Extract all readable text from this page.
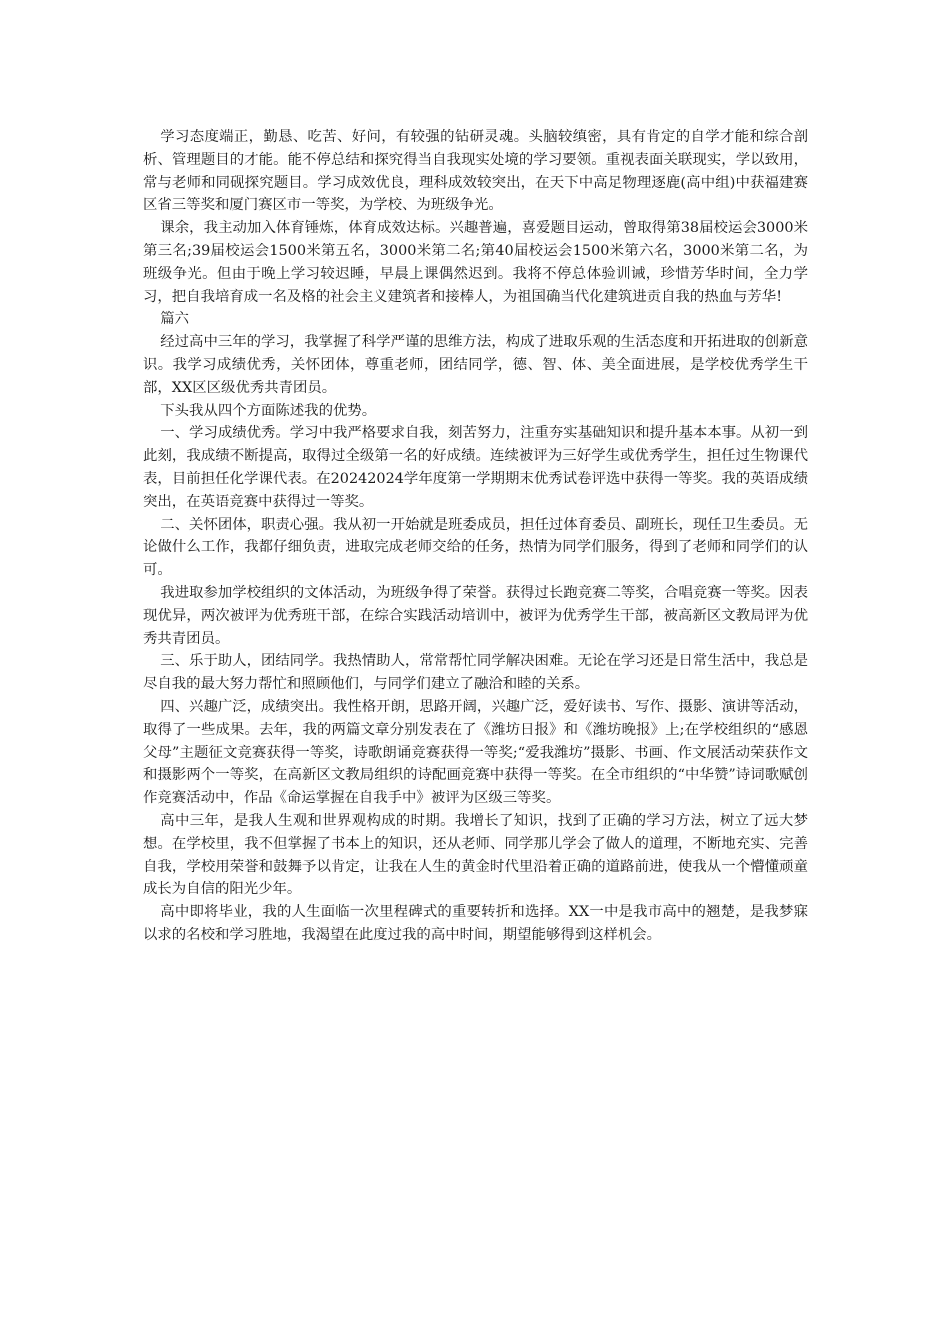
学习态度端正，勤恳、吃苦、好问，有较强的钻研灵魂。头脑较缜密，具有肯定的自学才能和综合剖析、管理题目的才能。能不停总结和探究得当自我现实处境的学习要领。重视表面关联现实，学以致用，常与老师和同砚探究题目。学习成效优良，理科成效较突出，在天下中高足物理逐鹿(高中组)中获福建赛区省三等奖和厦门赛区市一等奖，为学校、为班级争光。

课余，我主动加入体育锤炼，体育成效达标。兴趣普遍，喜爱题目运动，曾取得第38届校运会3000米第三名;39届校运会1500米第五名，3000米第二名;第40届校运会1500米第六名，3000米第二名，为班级争光。但由于晚上学习较迟睡，早晨上课偶然迟到。我将不停总体验训诫，珍惜芳华时间，全力学习，把自我培育成一名及格的社会主义建筑者和接棒人，为祖国确当代化建筑进贡自我的热血与芳华!

篇六

经过高中三年的学习，我掌握了科学严谨的思维方法，构成了进取乐观的生活态度和开拓进取的创新意识。我学习成绩优秀，关怀团体，尊重老师，团结同学，德、智、体、美全面进展，是学校优秀学生干部，XX区区级优秀共青团员。

下头我从四个方面陈述我的优势。

一、学习成绩优秀。学习中我严格要求自我，刻苦努力，注重夯实基础知识和提升基本本事。从初一到此刻，我成绩不断提高，取得过全级第一名的好成绩。连续被评为三好学生或优秀学生，担任过生物课代表，目前担任化学课代表。在20242024学年度第一学期期末优秀试卷评选中获得一等奖。我的英语成绩突出，在英语竞赛中获得过一等奖。

二、关怀团体，职责心强。我从初一开始就是班委成员，担任过体育委员、副班长，现任卫生委员。无论做什么工作，我都仔细负责，进取完成老师交给的任务，热情为同学们服务，得到了老师和同学们的认可。

我进取参加学校组织的文体活动，为班级争得了荣誉。获得过长跑竞赛二等奖，合唱竞赛一等奖。因表现优异，两次被评为优秀班干部，在综合实践活动培训中，被评为优秀学生干部，被高新区文教局评为优秀共青团员。

三、乐于助人，团结同学。我热情助人，常常帮忙同学解决困难。无论在学习还是日常生活中，我总是尽自我的最大努力帮忙和照顾他们，与同学们建立了融洽和睦的关系。

四、兴趣广泛，成绩突出。我性格开朗，思路开阔，兴趣广泛，爱好读书、写作、摄影、演讲等活动，取得了一些成果。去年，我的两篇文章分别发表在了《潍坊日报》和《潍坊晚报》上;在学校组织的“感恩父母”主题征文竞赛获得一等奖，诗歌朗诵竞赛获得一等奖;“爱我潍坊”摄影、书画、作文展活动荣获作文和摄影两个一等奖，在高新区文教局组织的诗配画竞赛中获得一等奖。在全市组织的“中华赞”诗词歌赋创作竞赛活动中，作品《命运掌握在自我手中》被评为区级三等奖。

高中三年，是我人生观和世界观构成的时期。我增长了知识，找到了正确的学习方法，树立了远大梦想。在学校里，我不但掌握了书本上的知识，还从老师、同学那儿学会了做人的道理，不断地充实、完善自我，学校用荣誉和鼓舞予以肯定，让我在人生的黄金时代里沿着正确的道路前进，使我从一个懵懂顽童成长为自信的阳光少年。

高中即将毕业，我的人生面临一次里程碑式的重要转折和选择。XX一中是我市高中的翘楚，是我梦寐以求的名校和学习胜地，我渴望在此度过我的高中时间，期望能够得到这样机会。
